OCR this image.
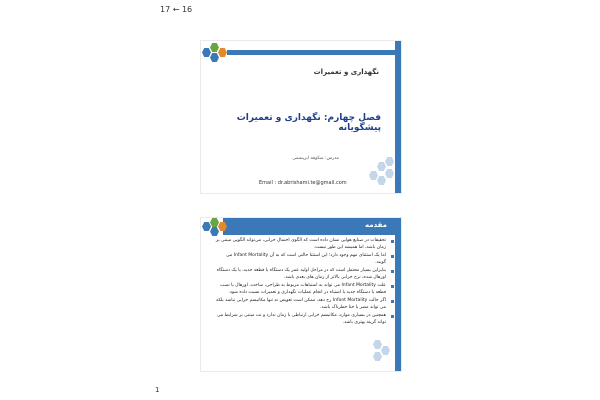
17 ← 16
نگهداری و تعمیرات
فصل چهارم: نگهداری و تعمیرات پیشگویانه
مدرس: شکوفه ابریشمی
Email : dr.abrishami.te@gmail.com
مقدمه
تحقیقات در صنایع هوایی نشان داده است که الگوی احتمال خرابی، می‌تواند الگویی مبتنی بر زمان باشد، اما همیشه این طور نیست.
اما یک استثنای مهم وجود دارد؛ این استثنا حالتی است که به آن Infant Mortality می گویند.
بنابراین بسیار محتمل است که در مراحل اولیه عمر یک دستگاه یا قطعه جدید، یا یک دستگاه اورهال شده، نرخ خرابی بالاتر از زمان های بعدی باشد.
علت Infant Mortality می تواند به اشتباهات مربوط به طراحی، ساخت، اورهال یا نصب قطعه یا دستگاه جدید یا اشتباه در انجام عملیات نگهداری و تعمیرات نسبت داده شود.
اگر حالت Infant Mortality رخ دهد، ممکن است تعویض نه تنها مکانیسم خرابی نباشد بلکه می تواند مضر یا حتا خطرناک باشد.
همچنین در بسیاری موارد، مکانیسم خرابی ارتباطی با زمان ندارد و نت مبتنی بر شرایط می تواند گزینه بهتری باشد.
1
